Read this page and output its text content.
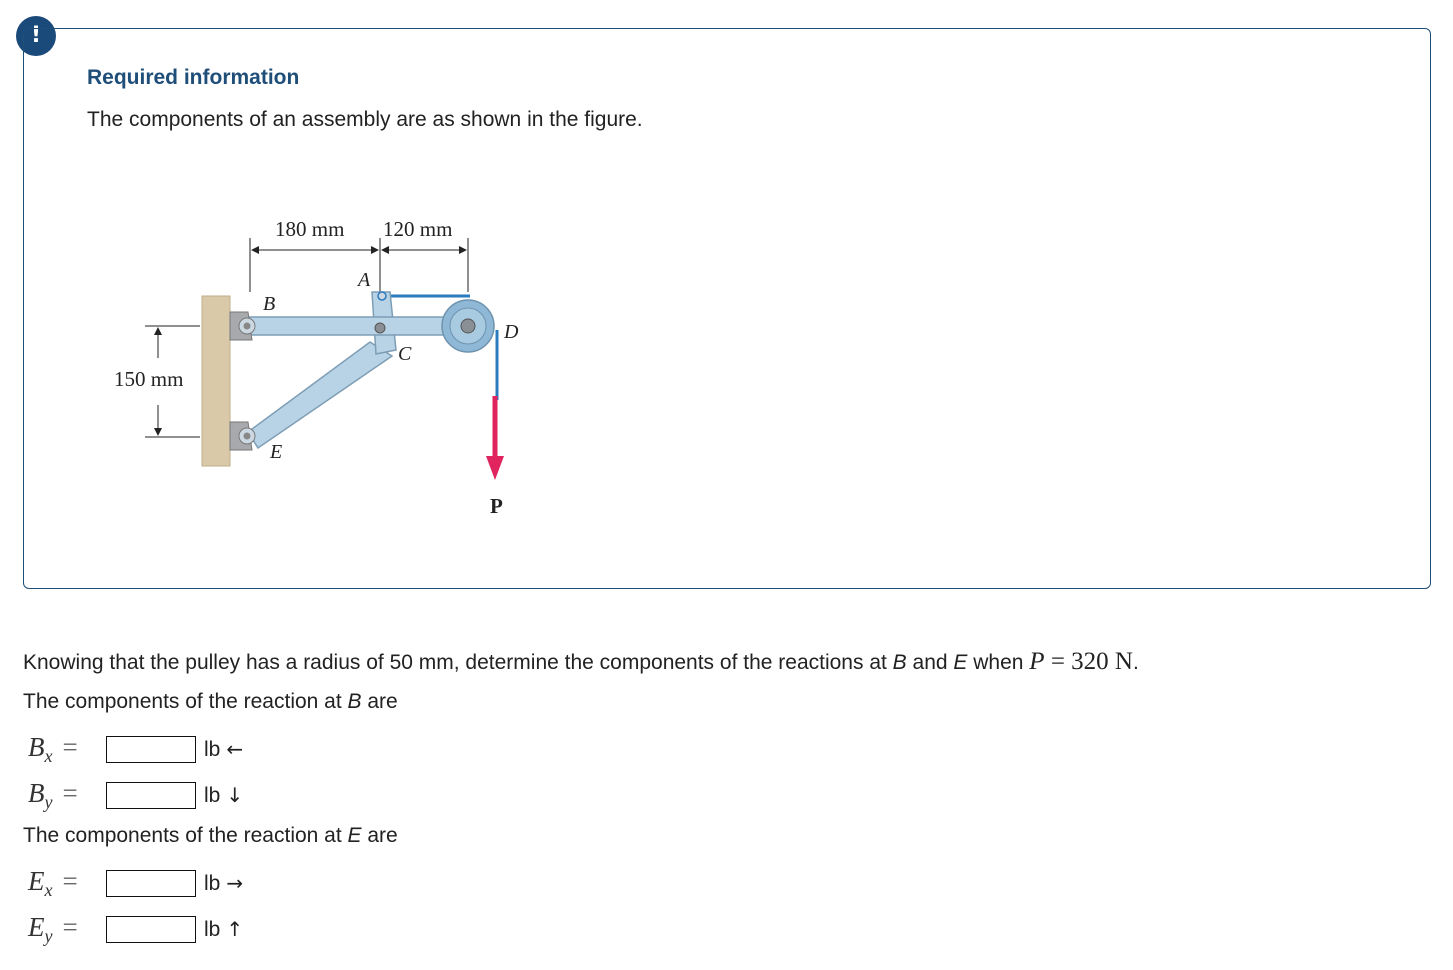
!
Required information
The components of an assembly are as shown in the figure.
180 mm 120 mm
150 mm
A
B
C
D
E
P
Knowing that the pulley has a radius of 50 mm, determine the components of the reactions at B and E when P = 320 N.
The components of the reaction at B are
$B_x$ =	lb ←
$B_y$ =	lb ↓
The components of the reaction at E are
$E_x$ =	lb →
$E_y$ =	lb ↑
